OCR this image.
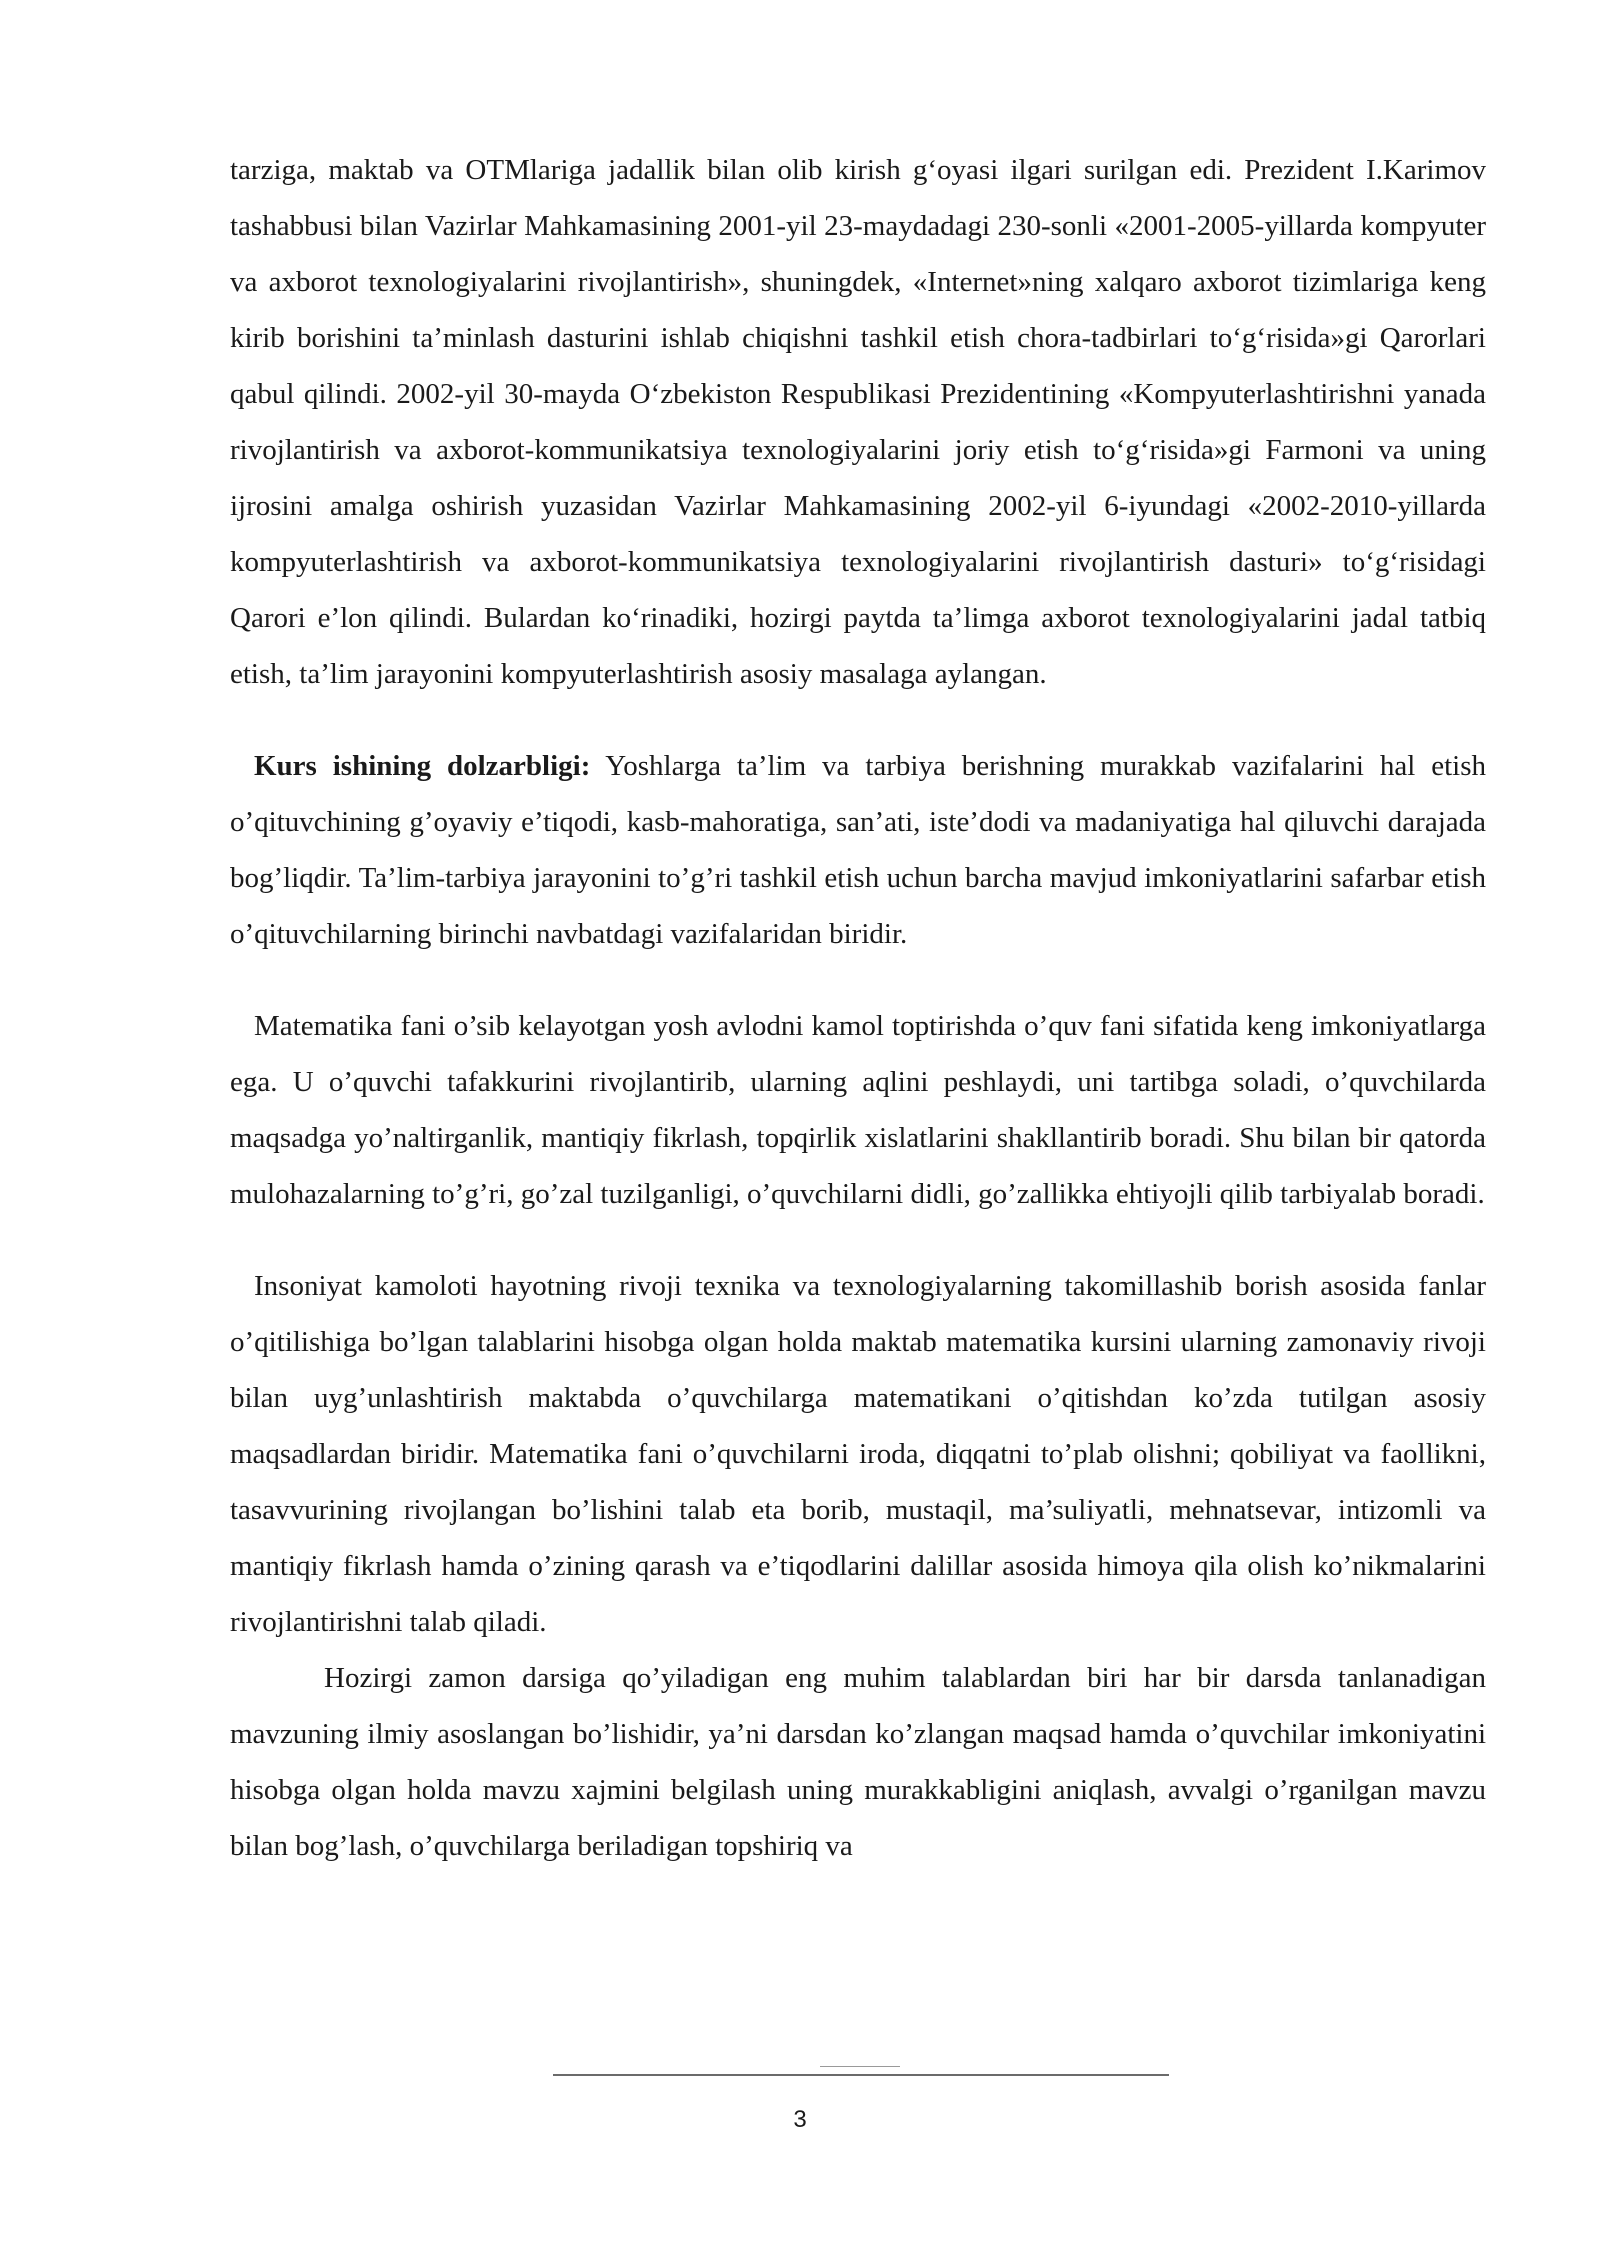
tarziga, maktab va OTMlariga jadallik bilan olib kirish g‘oyasi ilgari surilgan edi. Prezident I.Karimov tashabbusi bilan Vazirlar Mahkamasining 2001-yil 23-maydadagi 230-sonli «2001-2005-yillarda kompyuter va axborot texnologiyalarini rivojlantirish», shuningdek, «Internet»ning xalqaro axborot tizimlariga keng kirib borishini ta’minlash dasturini ishlab chiqishni tashkil etish chora-tadbirlari to‘g‘risida»gi Qarorlari qabul qilindi. 2002-yil 30-mayda O‘zbekiston Respublikasi Prezidentining «Kompyuterlashtirishni yanada rivojlantirish va axborot-kommunikatsiya texnologiyalarini joriy etish to‘g‘risida»gi Farmoni va uning ijrosini amalga oshirish yuzasidan Vazirlar Mahkamasining 2002-yil 6-iyundagi «2002-2010-yillarda kompyuterlashtirish va axborot-kommunikatsiya texnologiyalarini rivojlantirish dasturi» to‘g‘risidagi Qarori e’lon qilindi. Bulardan ko‘rinadiki, hozirgi paytda ta’limga axborot texnologiyalarini jadal tatbiq etish, ta’lim jarayonini kompyuterlashtirish asosiy masalaga aylangan.

Kurs ishining dolzarbligi: Yoshlarga ta’lim va tarbiya berishning murakkab vazifalarini hal etish o’qituvchining g’oyaviy e’tiqodi, kasb-mahoratiga, san’ati, iste’dodi va madaniyatiga hal qiluvchi darajada bog’liqdir. Ta’lim-tarbiya jarayonini to’g’ri tashkil etish uchun barcha mavjud imkoniyatlarini safarbar etish o’qituvchilarning birinchi navbatdagi vazifalaridan biridir.

Matematika fani o’sib kelayotgan yosh avlodni kamol toptirishda o’quv fani sifatida keng imkoniyatlarga ega. U o’quvchi tafakkurini rivojlantirib, ularning aqlini peshlaydi, uni tartibga soladi, o’quvchilarda maqsadga yo’naltirganlik, mantiqiy fikrlash, topqirlik xislatlarini shakllantirib boradi. Shu bilan bir qatorda mulohazalarning to’g’ri, go’zal tuzilganligi, o’quvchilarni didli, go’zallikka ehtiyojli qilib tarbiyalab boradi.

Insoniyat kamoloti hayotning rivoji texnika va texnologiyalarning takomillashib borish asosida fanlar o’qitilishiga bo’lgan talablarini hisobga olgan holda maktab matematika kursini ularning zamonaviy rivoji bilan uyg’unlashtirish maktabda o’quvchilarga matematikani o’qitishdan ko’zda tutilgan asosiy maqsadlardan biridir. Matematika fani o’quvchilarni iroda, diqqatni to’plab olishni; qobiliyat va faollikni, tasavvurining rivojlangan bo’lishini talab eta borib, mustaqil, ma’suliyatli, mehnatsevar, intizomli va mantiqiy fikrlash hamda o’zining qarash va e’tiqodlarini dalillar asosida himoya qila olish ko’nikmalarini rivojlantirishni talab qiladi.

Hozirgi zamon darsiga qo’yiladigan eng muhim talablardan biri har bir darsda tanlanadigan mavzuning ilmiy asoslangan bo’lishidir, ya’ni darsdan ko’zlangan maqsad hamda o’quvchilar imkoniyatini hisobga olgan holda mavzu xajmini belgilash uning murakkabligini aniqlash, avvalgi o’rganilgan mavzu bilan bog’lash, o’quvchilarga beriladigan topshiriq va

3
